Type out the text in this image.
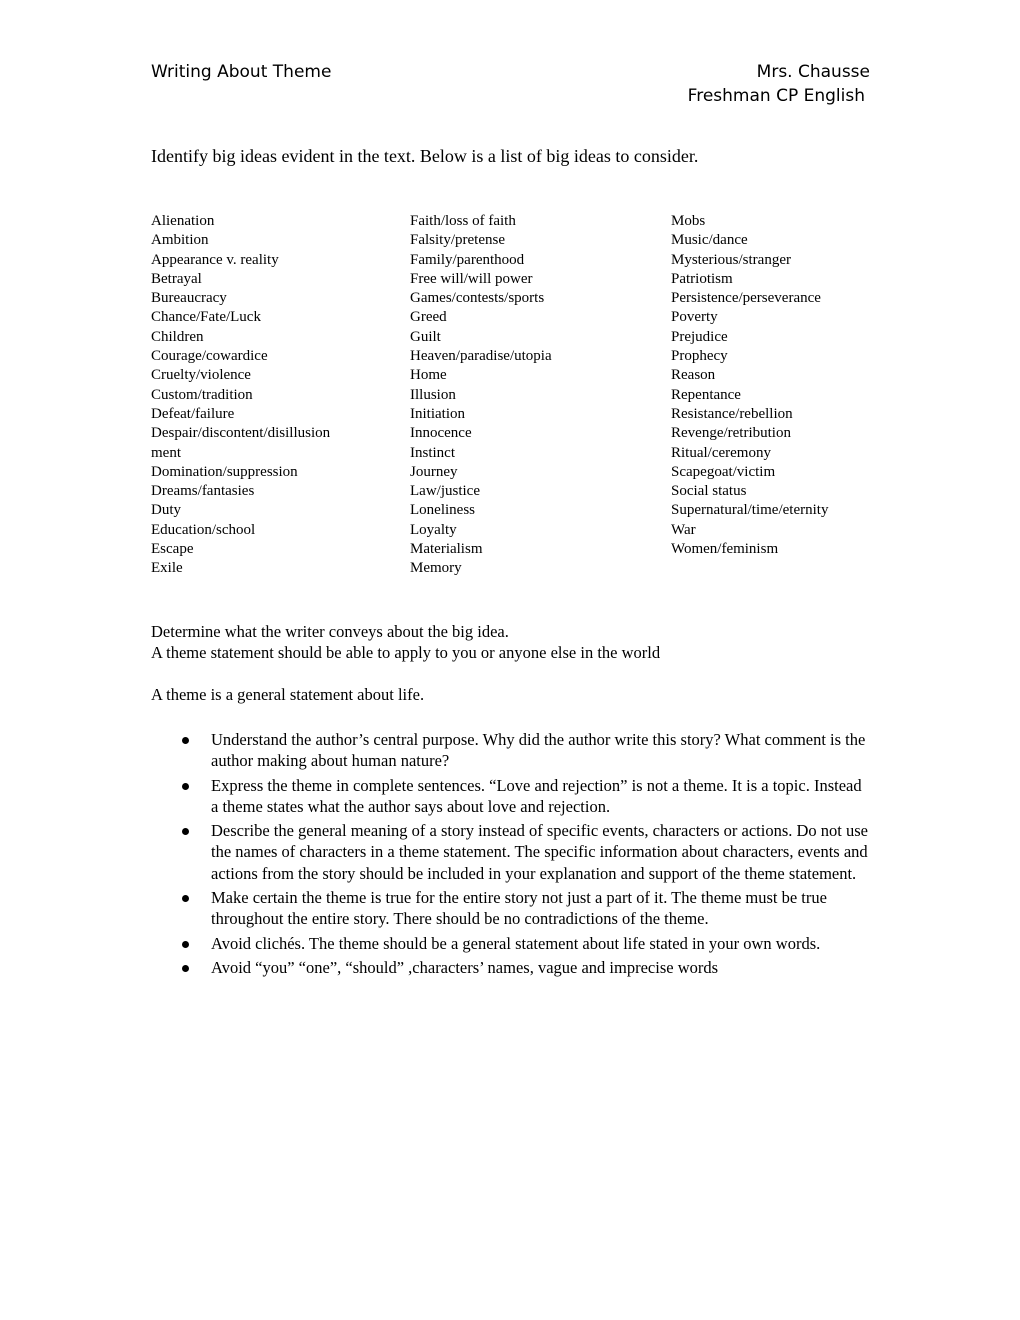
Writing About Theme	Mrs. Chausse
Freshman CP English
Identify big ideas evident in the text. Below is a list of big ideas to consider.
Alienation
Ambition
Appearance v. reality
Betrayal
Bureaucracy
Chance/Fate/Luck
Children
Courage/cowardice
Cruelty/violence
Custom/tradition
Defeat/failure
Despair/discontent/disillusion
ment
Domination/suppression
Dreams/fantasies
Duty
Education/school
Escape
Exile
Faith/loss of faith
Falsity/pretense
Family/parenthood
Free will/will power
Games/contests/sports
Greed
Guilt
Heaven/paradise/utopia
Home
Illusion
Initiation
Innocence
Instinct
Journey
Law/justice
Loneliness
Loyalty
Materialism
Memory
Mobs
Music/dance
Mysterious/stranger
Patriotism
Persistence/perseverance
Poverty
Prejudice
Prophecy
Reason
Repentance
Resistance/rebellion
Revenge/retribution
Ritual/ceremony
Scapegoat/victim
Social status
Supernatural/time/eternity
War
Women/feminism
Determine what the writer conveys about the big idea.
A theme statement should be able to apply to you or anyone else in the world
A theme is a general statement about life.
Understand the author’s central purpose. Why did the author write this story? What comment is the author making about human nature?
Express the theme in complete sentences. “Love and rejection” is not a theme. It is a topic. Instead a theme states what the author says about love and rejection.
Describe the general meaning of a story instead of specific events, characters or actions. Do not use the names of characters in a theme statement. The specific information about characters, events and actions from the story should be included in your explanation and support of the theme statement.
Make certain the theme is true for the entire story not just a part of it. The theme must be true throughout the entire story. There should be no contradictions of the theme.
Avoid clichés. The theme should be a general statement about life stated in your own words.
Avoid “you” “one”, “should” ,characters’ names, vague and imprecise words
